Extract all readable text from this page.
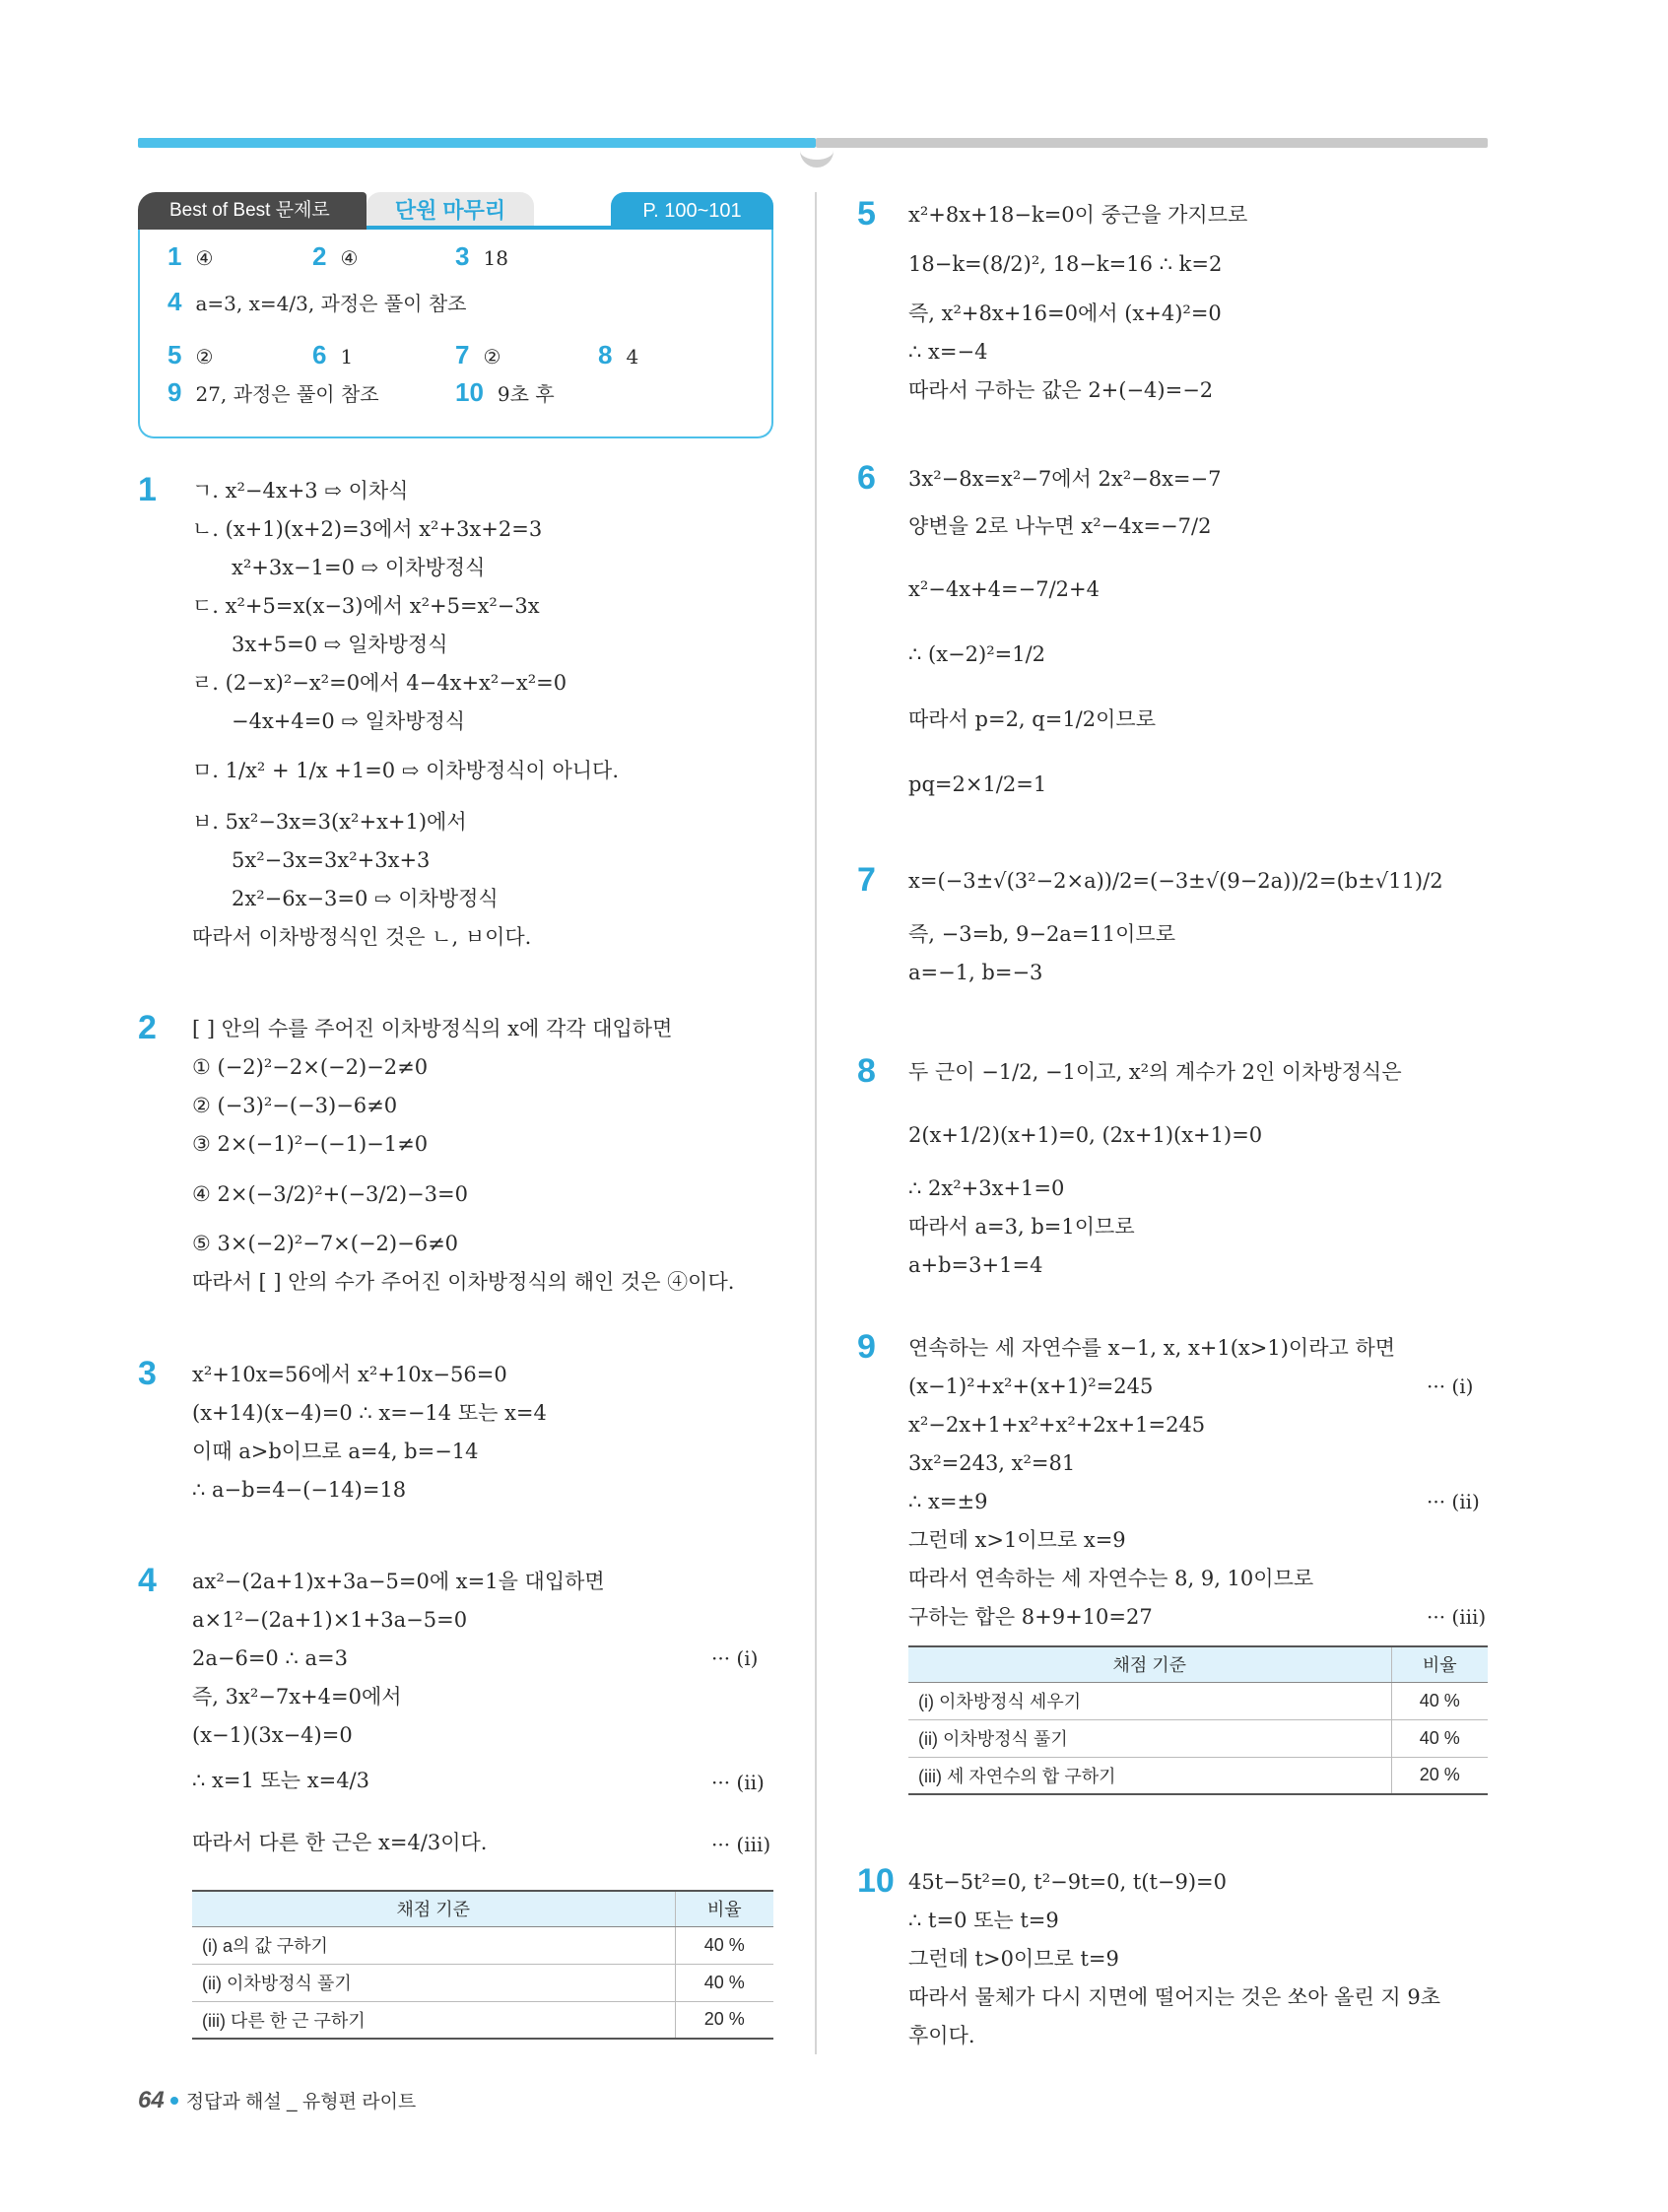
Best of Best 문제로	단원 마무리	P. 100~101
1 ④	2 ④	3 18
4 a=3, x=4/3, 과정은 풀이 참조
5 ②	6 1	7 ②	8 4
9 27, 과정은 풀이 참조	10 9초 후
1 ㄱ. x²−4x+3 ⇨ 이차식
ㄴ. (x+1)(x+2)=3에서 x²+3x+2=3
x²+3x−1=0 ⇨ 이차방정식
ㄷ. x²+5=x(x−3)에서 x²+5=x²−3x
3x+5=0 ⇨ 일차방정식
ㄹ. (2−x)²−x²=0에서 4−4x+x²−x²=0
−4x+4=0 ⇨ 일차방정식
ㅁ. 1/x² + 1/x +1=0 ⇨ 이차방정식이 아니다.
ㅂ. 5x²−3x=3(x²+x+1)에서
5x²−3x=3x²+3x+3
2x²−6x−3=0 ⇨ 이차방정식
따라서 이차방정식인 것은 ㄴ, ㅂ이다.
2 [ ] 안의 수를 주어진 이차방정식의 x에 각각 대입하면
① (−2)²−2×(−2)−2≠0
② (−3)²−(−3)−6≠0
③ 2×(−1)²−(−1)−1≠0
④ 2×(−3/2)²+(−3/2)−3=0
⑤ 3×(−2)²−7×(−2)−6≠0
따라서 [ ] 안의 수가 주어진 이차방정식의 해인 것은 ④이다.
3 x²+10x=56에서 x²+10x−56=0
(x+14)(x−4)=0 ∴ x=−14 또는 x=4
이때 a>b이므로 a=4, b=−14
∴ a−b=4−(−14)=18
4 ax²−(2a+1)x+3a−5=0에 x=1을 대입하면
a×1²−(2a+1)×1+3a−5=0
2a−6=0 ∴ a=3	··· (i)
즉, 3x²−7x+4=0에서
(x−1)(3x−4)=0
∴ x=1 또는 x=4/3	··· (ii)
따라서 다른 한 근은 x=4/3이다.	··· (iii)
채점 기준	비율
(i) a의 값 구하기	40 %
(ii) 이차방정식 풀기	40 %
(iii) 다른 한 근 구하기	20 %
5 x²+8x+18−k=0이 중근을 가지므로
18−k=(8/2)², 18−k=16 ∴ k=2
즉, x²+8x+16=0에서 (x+4)²=0
∴ x=−4
따라서 구하는 값은 2+(−4)=−2
6 3x²−8x=x²−7에서 2x²−8x=−7
양변을 2로 나누면 x²−4x=−7/2
x²−4x+4=−7/2+4
∴ (x−2)²=1/2
따라서 p=2, q=1/2이므로
pq=2×1/2=1
7 x=(−3±√(3²−2×a))/2=(−3±√(9−2a))/2=(b±√11)/2
즉, −3=b, 9−2a=11이므로
a=−1, b=−3
8 두 근이 −1/2, −1이고, x²의 계수가 2인 이차방정식은
2(x+1/2)(x+1)=0, (2x+1)(x+1)=0
∴ 2x²+3x+1=0
따라서 a=3, b=1이므로
a+b=3+1=4
9 연속하는 세 자연수를 x−1, x, x+1(x>1)이라고 하면
(x−1)²+x²+(x+1)²=245	··· (i)
x²−2x+1+x²+x²+2x+1=245
3x²=243, x²=81
∴ x=±9	··· (ii)
그런데 x>1이므로 x=9
따라서 연속하는 세 자연수는 8, 9, 10이므로
구하는 합은 8+9+10=27	··· (iii)
채점 기준	비율
(i) 이차방정식 세우기	40 %
(ii) 이차방정식 풀기	40 %
(iii) 세 자연수의 합 구하기	20 %
10 45t−5t²=0, t²−9t=0, t(t−9)=0
∴ t=0 또는 t=9
그런데 t>0이므로 t=9
따라서 물체가 다시 지면에 떨어지는 것은 쏘아 올린 지 9초
후이다.
64 정답과 해설 _ 유형편 라이트
